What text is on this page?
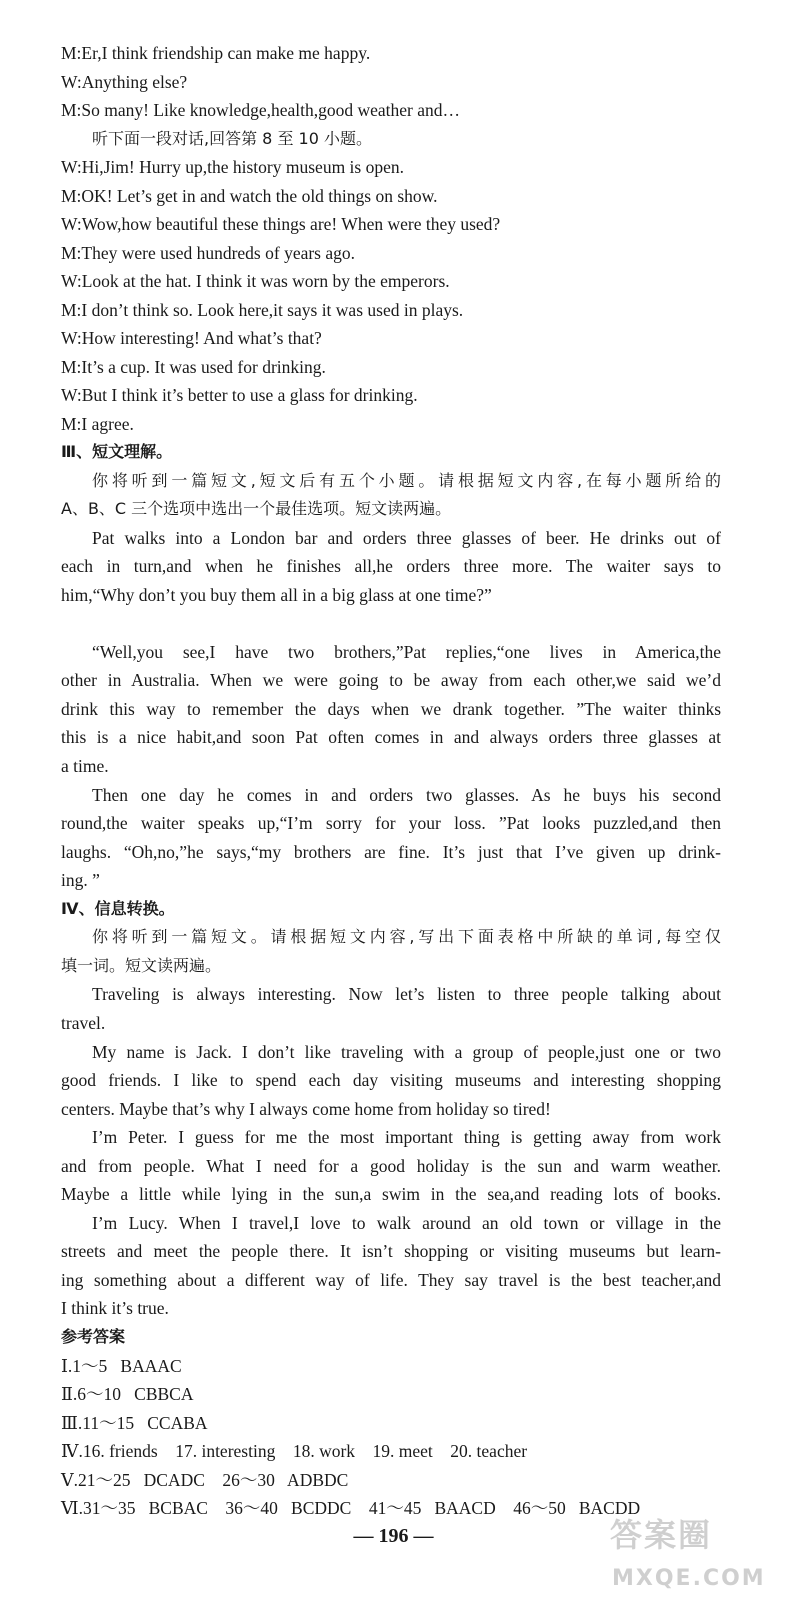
M:Er,I think friendship can make me happy.
W:Anything else?
M:So many! Like knowledge,health,good weather and…
听下面一段对话,回答第 8 至 10 小题。
W:Hi,Jim! Hurry up,the history museum is open.
M:OK! Let’s get in and watch the old things on show.
W:Wow,how beautiful these things are! When were they used?
M:They were used hundreds of years ago.
W:Look at the hat. I think it was worn by the emperors.
M:I don’t think so. Look here,it says it was used in plays.
W:How interesting! And what’s that?
M:It’s a cup. It was used for drinking.
W:But I think it’s better to use a glass for drinking.
M:I agree.
Ⅲ、短文理解。
你将听到一篇短文,短文后有五个小题。请根据短文内容,在每小题所给的
A、B、C 三个选项中选出一个最佳选项。短文读两遍。
Pat walks into a London bar and orders three glasses of beer. He drinks out of
each in turn,and when he finishes all,he orders three more. The waiter says to
him,“Why don’t you buy them all in a big glass at one time?”
“Well,you see,I have two brothers,”Pat replies,“one lives in America,the
other in Australia. When we were going to be away from each other,we said we’d
drink this way to remember the days when we drank together. ”The waiter thinks
this is a nice habit,and soon Pat often comes in and always orders three glasses at
a time.
Then one day he comes in and orders two glasses. As he buys his second
round,the waiter speaks up,“I’m sorry for your loss. ”Pat looks puzzled,and then
laughs. “Oh,no,”he says,“my brothers are fine. It’s just that I’ve given up drink-
ing. ”
Ⅳ、信息转换。
你将听到一篇短文。请根据短文内容,写出下面表格中所缺的单词,每空仅
填一词。短文读两遍。
Traveling is always interesting. Now let’s listen to three people talking about
travel.
My name is Jack. I don’t like traveling with a group of people,just one or two
good friends. I like to spend each day visiting museums and interesting shopping
centers. Maybe that’s why I always come home from holiday so tired!
I’m Peter. I guess for me the most important thing is getting away from work
and from people. What I need for a good holiday is the sun and warm weather.
Maybe a little while lying in the sun,a swim in the sea,and reading lots of books.
I’m Lucy. When I travel,I love to walk around an old town or village in the
streets and meet the people there. It isn’t shopping or visiting museums but learn-
ing something about a different way of life. They say travel is the best teacher,and
I think it’s true.
参考答案
Ⅰ.1～5   BAAAC
Ⅱ.6～10   CBBCA
Ⅲ.11～15   CCABA
Ⅳ.16. friends    17. interesting    18. work    19. meet    20. teacher
Ⅴ.21～25   DCADC    26～30   ADBDC
Ⅵ.31～35   BCBAC    36～40   BCDDC    41～45   BAACD    46～50   BACDD
— 196 —	答案圈
MXQE.COM
